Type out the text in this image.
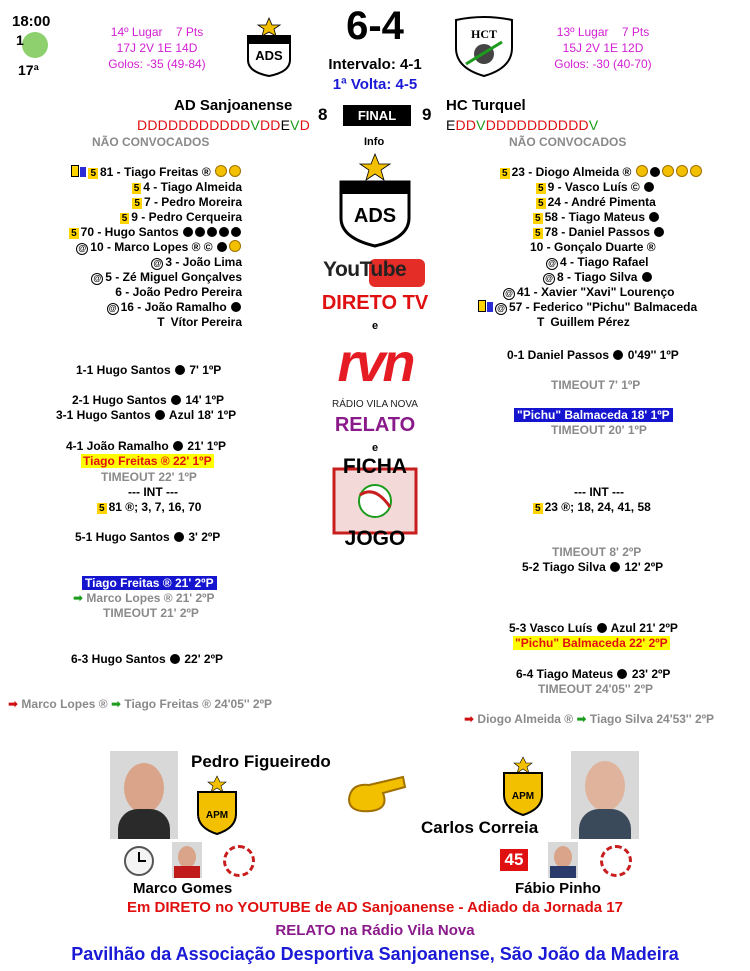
18:00
1
17ª
14º Lugar 7 Pts
17J 2V 1E 14D
Golos: -35 (49-84)
ADS
6-4
Intervalo: 4-1
1ª Volta: 4-5
HCT	13º Lugar 7 Pts
15J 2V 1E 12D
Golos: -30 (40-70)
AD Sanjoanense 8	FINAL	9 HC Turquel
DDDDDDDDDDDVDDEVD	EDDVDDDDDDDDDDV
NÃO CONVOCADOS	Info	NÃO CONVOCADOS
5 81 - Tiago Freitas ®
5 4 - Tiago Almeida
5 7 - Pedro Moreira
5 9 - Pedro Cerqueira
5 70 - Hugo Santos
@ 10 - Marco Lopes ® ©
@ 3 - João Lima
@ 5 - Zé Miguel Gonçalves
6 - João Pedro Pereira
@ 16 - João Ramalho
T Vítor Pereira
5 23 - Diogo Almeida ®
5 9 - Vasco Luís ©
5 24 - André Pimenta
5 58 - Tiago Mateus
5 78 - Daniel Passos
10 - Gonçalo Duarte ®
@ 4 - Tiago Rafael
@ 8 - Tiago Silva
@ 41 - Xavier "Xavi" Lourenço
@ 57 - Federico "Pichu" Balmaceda
T Guillem Pérez
ADS
YouTube
DIRETO TV
e
rvn
RÁDIO VILA NOVA
RELATO
e
FICHA
JOGO
1-1 Hugo Santos 7' 1ºP
2-1 Hugo Santos 14' 1ºP
3-1 Hugo Santos Azul 18' 1ºP
4-1 João Ramalho 21' 1ºP
Tiago Freitas ® 22' 1ºP
TIMEOUT 22' 1ºP
--- INT ---
5 81 ®; 3, 7, 16, 70
5-1 Hugo Santos 3' 2ºP
Tiago Freitas ® 21' 2ºP
➡ Marco Lopes ® 21' 2ºP
TIMEOUT 21' 2ºP
6-3 Hugo Santos 22' 2ºP
➡ Marco Lopes ® ➡ Tiago Freitas ® 24'05'' 2ºP
0-1 Daniel Passos 0'49'' 1ºP
TIMEOUT 7' 1ºP
"Pichu" Balmaceda 18' 1ºP
TIMEOUT 20' 1ºP
--- INT ---
5 23 ®; 18, 24, 41, 58
TIMEOUT 8' 2ºP
5-2 Tiago Silva 12' 2ºP
5-3 Vasco Luís Azul 21' 2ºP
"Pichu" Balmaceda 22' 2ºP
6-4 Tiago Mateus 23' 2ºP
TIMEOUT 24'05'' 2ºP
➡ Diogo Almeida ® ➡ Tiago Silva 24'53'' 2ºP
APM
Pedro Figueiredo
APM
Carlos Correia
Marco Gomes
45
Fábio Pinho
Em DIRETO no YOUTUBE de AD Sanjoanense - Adiado da Jornada 17
RELATO na Rádio Vila Nova
Pavilhão da Associação Desportiva Sanjoanense, São João da Madeira
